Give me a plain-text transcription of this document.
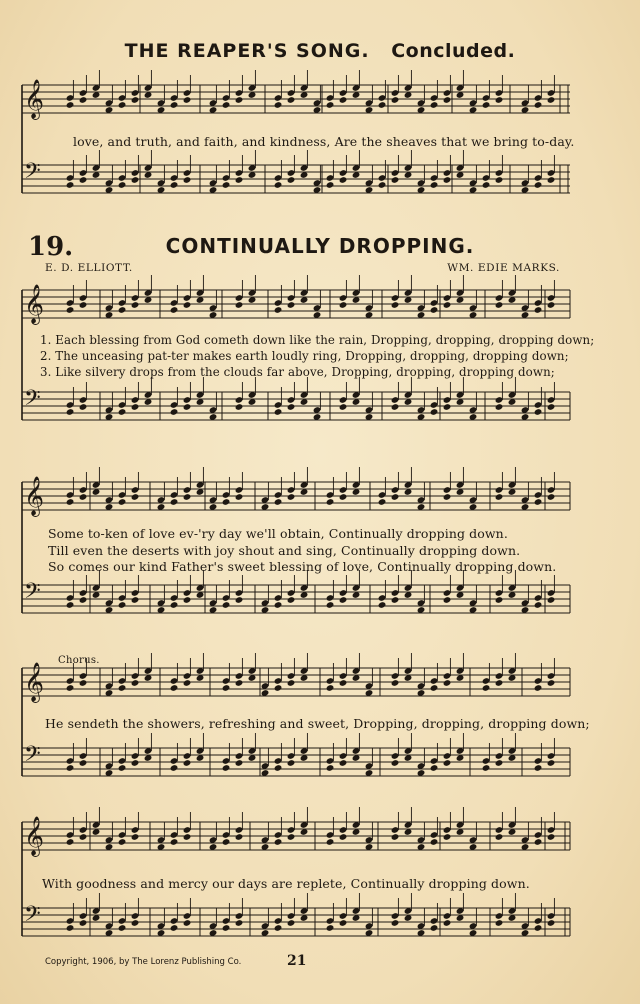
THE REAPER'S SONG. Concluded.
𝄞
𝄢
𝄞
𝄢
𝄞
𝄢
𝄞
𝄢
𝄞
𝄢
love, and truth, and faith, and kindness, Are the sheaves that we bring to-day.
19.	CONTINUALLY DROPPING.
E. D. ELLIOTT.	WM. EDIE MARKS.
1. Each blessing from God cometh down like the rain, Dropping, dropping, dropping down;
2. The unceasing pat-ter makes earth loudly ring, Dropping, dropping, dropping down;
3. Like silvery drops from the clouds far above, Dropping, dropping, dropping down;
Some to-ken of love ev-'ry day we'll obtain, Continually dropping down.
Till even the deserts with joy shout and sing, Continually dropping down.
So comes our kind Father's sweet blessing of love, Continually dropping down.
Chorus.
He sendeth the showers, refreshing and sweet, Dropping, dropping, dropping down;
With goodness and mercy our days are replete, Continually dropping down.
Copyright, 1906, by The Lorenz Publishing Co.	21
